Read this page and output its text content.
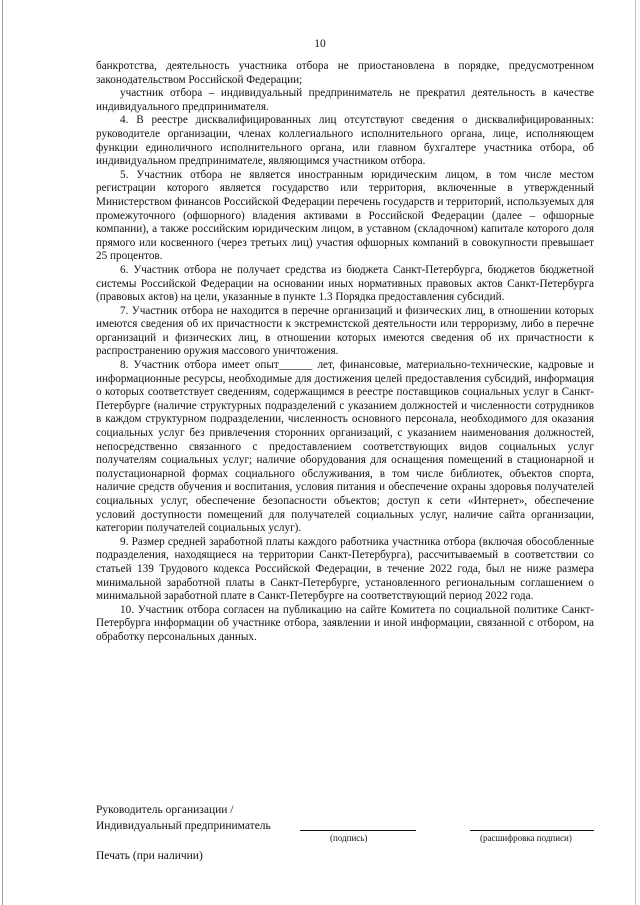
10

банкротства, деятельность участника отбора не приостановлена в порядке, предусмотренном законодательством Российской Федерации;

участник отбора – индивидуальный предприниматель не прекратил деятельность в качестве индивидуального предпринимателя.

4. В реестре дисквалифицированных лиц отсутствуют сведения о дисквалифицированных: руководителе организации, членах коллегиального исполнительного органа, лице, исполняющем функции единоличного исполнительного органа, или главном бухгалтере участника отбора, об индивидуальном предпринимателе, являющимся участником отбора.

5. Участник отбора не является иностранным юридическим лицом, в том числе местом регистрации которого является государство или территория, включенные в утвержденный Министерством финансов Российской Федерации перечень государств и территорий, используемых для промежуточного (офшорного) владения активами в Российской Федерации (далее – офшорные компании), а также российским юридическим лицом, в уставном (складочном) капитале которого доля прямого или косвенного (через третьих лиц) участия офшорных компаний в совокупности превышает 25 процентов.

6. Участник отбора не получает средства из бюджета Санкт-Петербурга, бюджетов бюджетной системы Российской Федерации на основании иных нормативных правовых актов Санкт-Петербурга (правовых актов) на цели, указанные в пункте 1.3 Порядка предоставления субсидий.

7. Участник отбора не находится в перечне организаций и физических лиц, в отношении которых имеются сведения об их причастности к экстремистской деятельности или терроризму, либо в перечне организаций и физических лиц, в отношении которых имеются сведения об их причастности к распространению оружия массового уничтожения.

8. Участник отбора имеет опыт______ лет, финансовые, материально-технические, кадровые и информационные ресурсы, необходимые для достижения целей предоставления субсидий, информация о которых соответствует сведениям, содержащимся в реестре поставщиков социальных услуг в Санкт-Петербурге (наличие структурных подразделений с указанием должностей и численности сотрудников в каждом структурном подразделении, численность основного персонала, необходимого для оказания социальных услуг без привлечения сторонних организаций, с указанием наименования должностей, непосредственно связанного с предоставлением соответствующих видов социальных услуг получателям социальных услуг; наличие оборудования для оснащения помещений в стационарной и полустационарной формах социального обслуживания, в том числе библиотек, объектов спорта, наличие средств обучения и воспитания, условия питания и обеспечение охраны здоровья получателей социальных услуг, обеспечение безопасности объектов; доступ к сети «Интернет», обеспечение условий доступности помещений для получателей социальных услуг, наличие сайта организации, категории получателей социальных услуг).

9. Размер средней заработной платы каждого работника участника отбора (включая обособленные подразделения, находящиеся на территории Санкт-Петербурга), рассчитываемый в соответствии со статьей 139 Трудового кодекса Российской Федерации, в течение 2022 года, был не ниже размера минимальной заработной платы в Санкт-Петербурге, установленного региональным соглашением о минимальной заработной плате в Санкт-Петербурге на соответствующий период 2022 года.

10. Участник отбора согласен на публикацию на сайте Комитета по социальной политике Санкт-Петербурга информации об участнике отбора, заявлении и иной информации, связанной с отбором, на обработку персональных данных.

Руководитель организации /
Индивидуальный предприниматель
(подпись)	(расшифровка подписи)
Печать (при наличии)
